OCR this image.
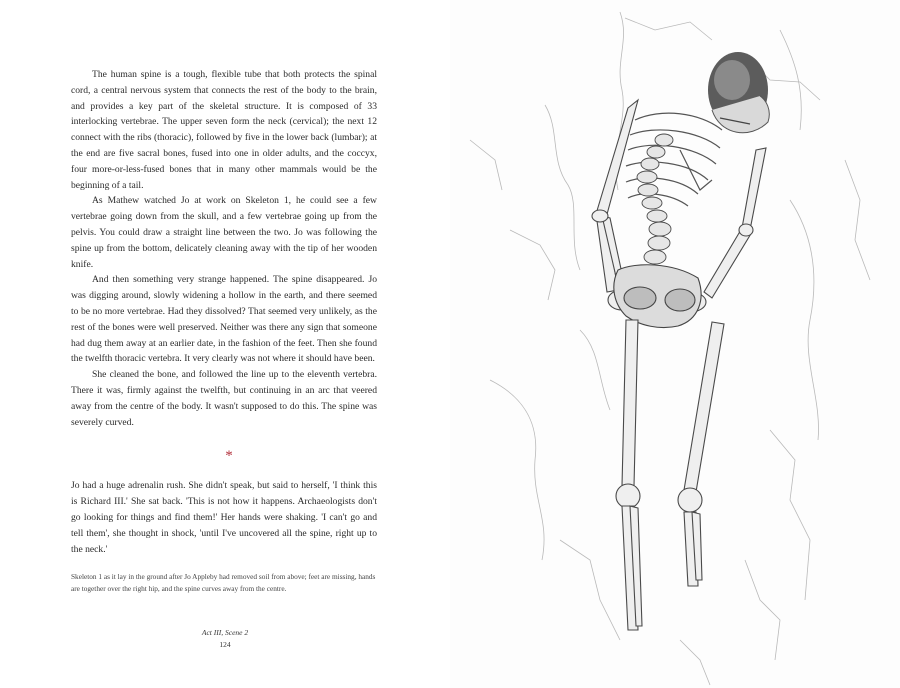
The human spine is a tough, flexible tube that both protects the spinal cord, a central nervous system that connects the rest of the body to the brain, and provides a key part of the skeletal structure. It is composed of 33 interlocking vertebrae. The upper seven form the neck (cervical); the next 12 connect with the ribs (thoracic), followed by five in the lower back (lumbar); at the end are five sacral bones, fused into one in older adults, and the coccyx, four more-or-less-fused bones that in many other mammals would be the beginning of a tail.

As Mathew watched Jo at work on Skeleton 1, he could see a few vertebrae going down from the skull, and a few vertebrae going up from the pelvis. You could draw a straight line between the two. Jo was following the spine up from the bottom, delicately cleaning away with the tip of her wooden knife.

And then something very strange happened. The spine disappeared. Jo was digging around, slowly widening a hollow in the earth, and there seemed to be no more vertebrae. Had they dissolved? That seemed very unlikely, as the rest of the bones were well preserved. Neither was there any sign that someone had dug them away at an earlier date, in the fashion of the feet. Then she found the twelfth thoracic vertebra. It very clearly was not where it should have been.

She cleaned the bone, and followed the line up to the eleventh vertebra. There it was, firmly against the twelfth, but continuing in an arc that veered away from the centre of the body. It wasn't supposed to do this. The spine was severely curved.

*

Jo had a huge adrenalin rush. She didn't speak, but said to herself, 'I think this is Richard III.' She sat back. 'This is not how it happens. Archaeologists don't go looking for things and find them!' Her hands were shaking. 'I can't go and tell them', she thought in shock, 'until I've uncovered all the spine, right up to the neck.'

Skeleton 1 as it lay in the ground after Jo Appleby had removed soil from above; feet are missing, hands are together over the right hip, and the spine curves away from the centre.
Act III, Scene 2
124
